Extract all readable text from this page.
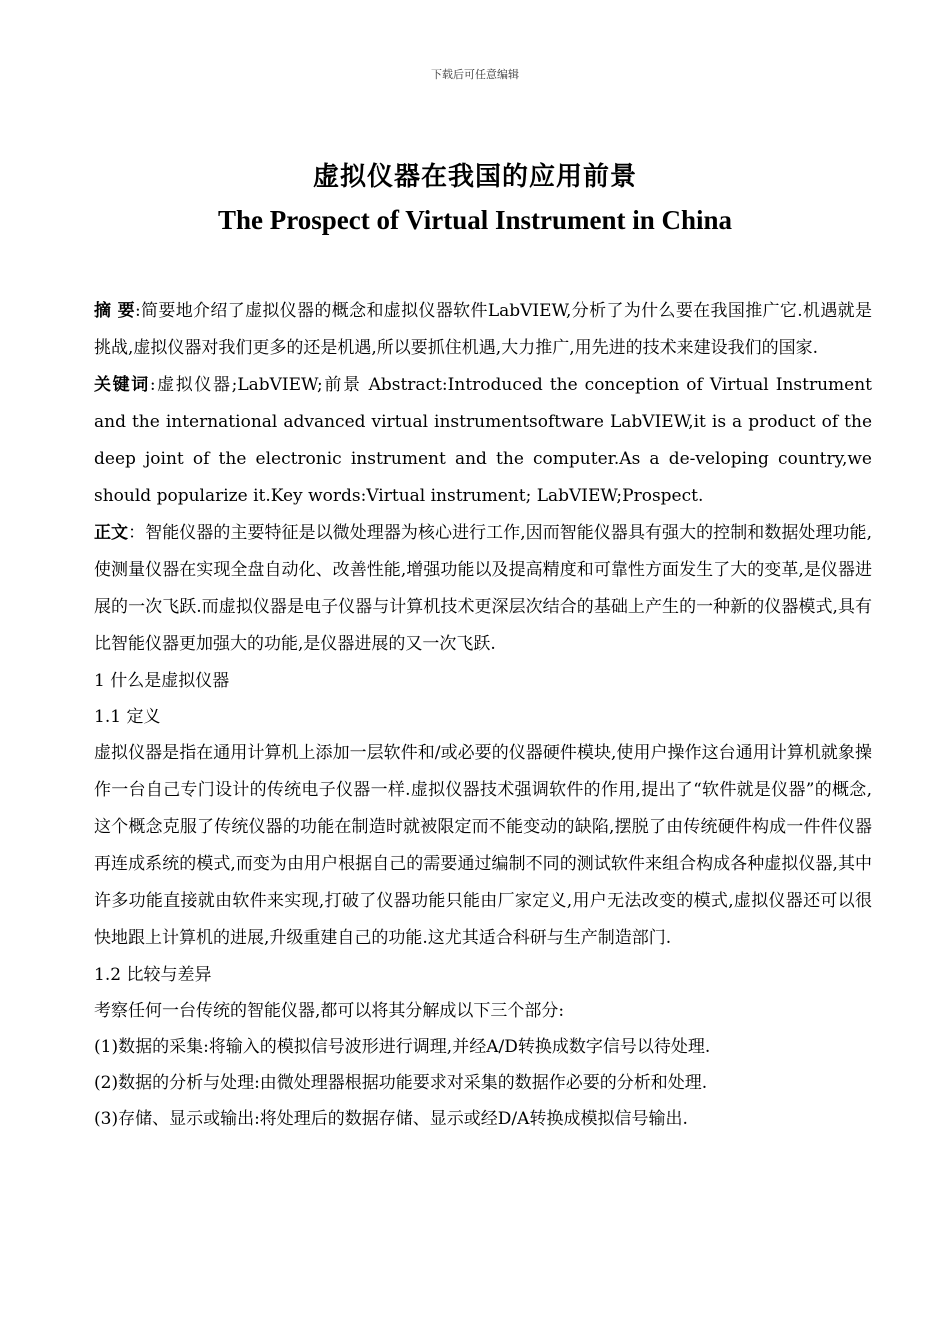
下载后可任意编辑
虚拟仪器在我国的应用前景
The Prospect of Virtual Instrument in China

摘 要:简要地介绍了虚拟仪器的概念和虚拟仪器软件LabVIEW,分析了为什么要在我国推广它.机遇就是挑战,虚拟仪器对我们更多的还是机遇,所以要抓住机遇,大力推广,用先进的技术来建设我们的国家.

关键词:虚拟仪器;LabVIEW;前景 Abstract:Introduced the conception of Virtual Instrument and the international advanced virtual instrumentsoftware LabVIEW,it is a product of the deep joint of the electronic instrument and the computer.As a de-veloping country,we should popularize it.Key words:Virtual instrument; LabVIEW;Prospect.

正文：智能仪器的主要特征是以微处理器为核心进行工作,因而智能仪器具有强大的控制和数据处理功能,使测量仪器在实现全盘自动化、改善性能,增强功能以及提高精度和可靠性方面发生了大的变革,是仪器进展的一次飞跃.而虚拟仪器是电子仪器与计算机技术更深层次结合的基础上产生的一种新的仪器模式,具有比智能仪器更加强大的功能,是仪器进展的又一次飞跃.

1 什么是虚拟仪器

1.1 定义

虚拟仪器是指在通用计算机上添加一层软件和/或必要的仪器硬件模块,使用户操作这台通用计算机就象操作一台自己专门设计的传统电子仪器一样.虚拟仪器技术强调软件的作用,提出了“软件就是仪器”的概念,这个概念克服了传统仪器的功能在制造时就被限定而不能变动的缺陷,摆脱了由传统硬件构成一件件仪器再连成系统的模式,而变为由用户根据自己的需要通过编制不同的测试软件来组合构成各种虚拟仪器,其中许多功能直接就由软件来实现,打破了仪器功能只能由厂家定义,用户无法改变的模式,虚拟仪器还可以很快地跟上计算机的进展,升级重建自己的功能.这尤其适合科研与生产制造部门.

1.2 比较与差异

考察任何一台传统的智能仪器,都可以将其分解成以下三个部分:

(1)数据的采集:将输入的模拟信号波形进行调理,并经A/D转换成数字信号以待处理.

(2)数据的分析与处理:由微处理器根据功能要求对采集的数据作必要的分析和处理.

(3)存储、显示或输出:将处理后的数据存储、显示或经D/A转换成模拟信号输出.
